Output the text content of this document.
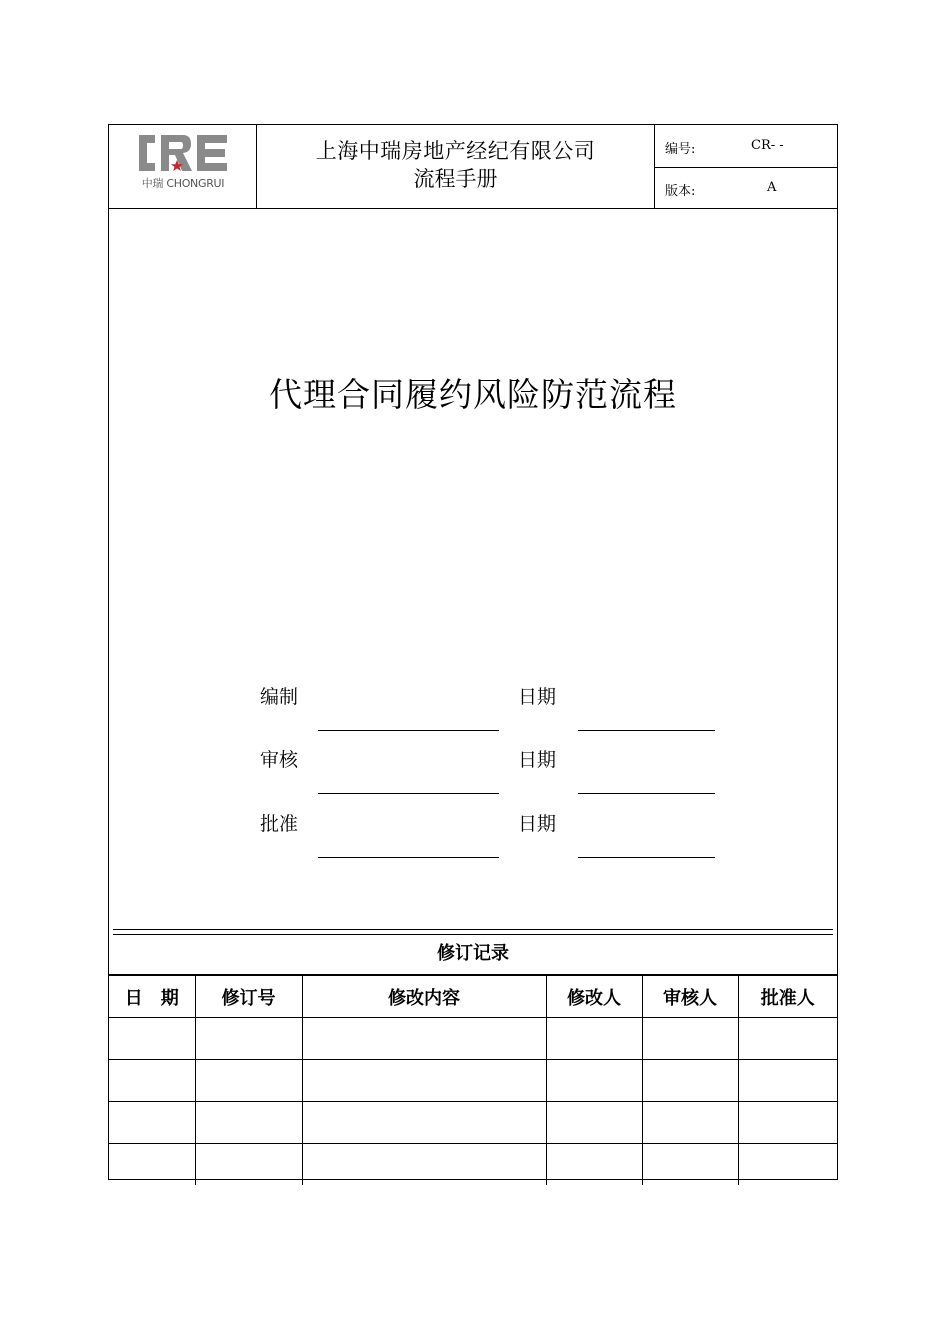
中瑞 CHONGRUI
上海中瑞房地产经纪有限公司
流程手册
编号:	CR- -
版本:	A
代理合同履约风险防范流程
编制	日期
审核	日期
批准	日期
修订记录
日　期	修订号	修改内容	修改人	审核人	批准人
